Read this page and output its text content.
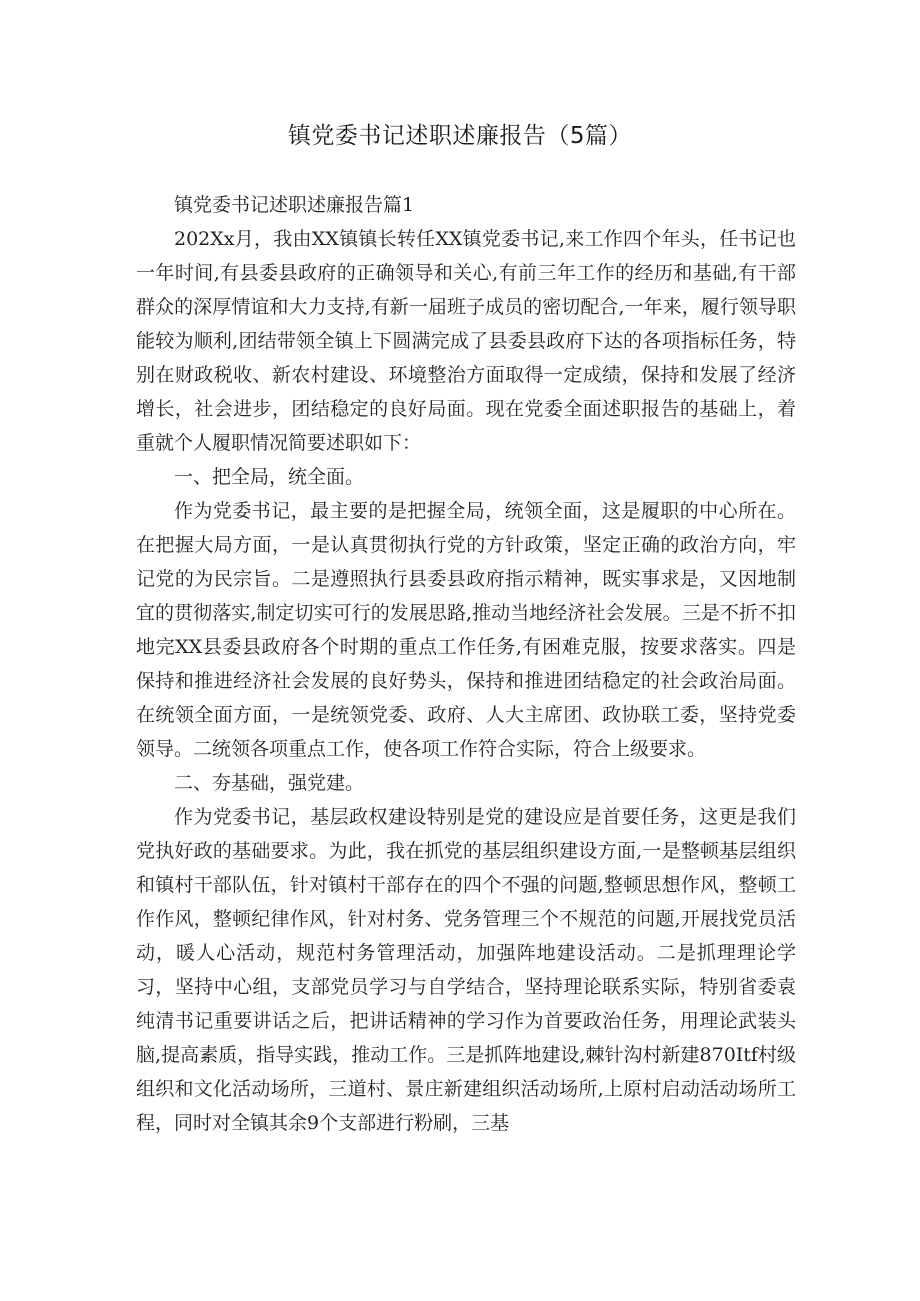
镇党委书记述职述廉报告（5篇）

镇党委书记述职述廉报告篇1

202Xx月，我由XX镇镇长转任XX镇党委书记,来工作四个年头，任书记也一年时间,有县委县政府的正确领导和关心,有前三年工作的经历和基础,有干部群众的深厚情谊和大力支持,有新一届班子成员的密切配合,一年来，履行领导职能较为顺利,团结带领全镇上下圆满完成了县委县政府下达的各项指标任务，特别在财政税收、新农村建设、环境整治方面取得一定成绩，保持和发展了经济增长，社会进步，团结稳定的良好局面。现在党委全面述职报告的基础上，着重就个人履职情况简要述职如下：

一、把全局，统全面。

作为党委书记，最主要的是把握全局，统领全面，这是履职的中心所在。在把握大局方面，一是认真贯彻执行党的方针政策，坚定正确的政治方向，牢记党的为民宗旨。二是遵照执行县委县政府指示精神，既实事求是，又因地制宜的贯彻落实,制定切实可行的发展思路,推动当地经济社会发展。三是不折不扣地完XX县委县政府各个时期的重点工作任务,有困难克服，按要求落实。四是保持和推进经济社会发展的良好势头，保持和推进团结稳定的社会政治局面。在统领全面方面，一是统领党委、政府、人大主席团、政协联工委，坚持党委领导。二统领各项重点工作，使各项工作符合实际，符合上级要求。

二、夯基础，强党建。

作为党委书记，基层政权建设特别是党的建设应是首要任务，这更是我们党执好政的基础要求。为此，我在抓党的基层组织建设方面,一是整顿基层组织和镇村干部队伍，针对镇村干部存在的四个不强的问题,整顿思想作风，整顿工作作风，整顿纪律作风，针对村务、党务管理三个不规范的问题,开展找党员活动，暖人心活动，规范村务管理活动，加强阵地建设活动。二是抓理理论学习，坚持中心组，支部党员学习与自学结合，坚持理论联系实际，特别省委袁纯清书记重要讲话之后，把讲话精神的学习作为首要政治任务，用理论武装头脑,提高素质，指导实践，推动工作。三是抓阵地建设,棘针沟村新建870Itf村级组织和文化活动场所，三道村、景庄新建组织活动场所,上原村启动活动场所工程，同时对全镇其余9个支部进行粉刷，三基
